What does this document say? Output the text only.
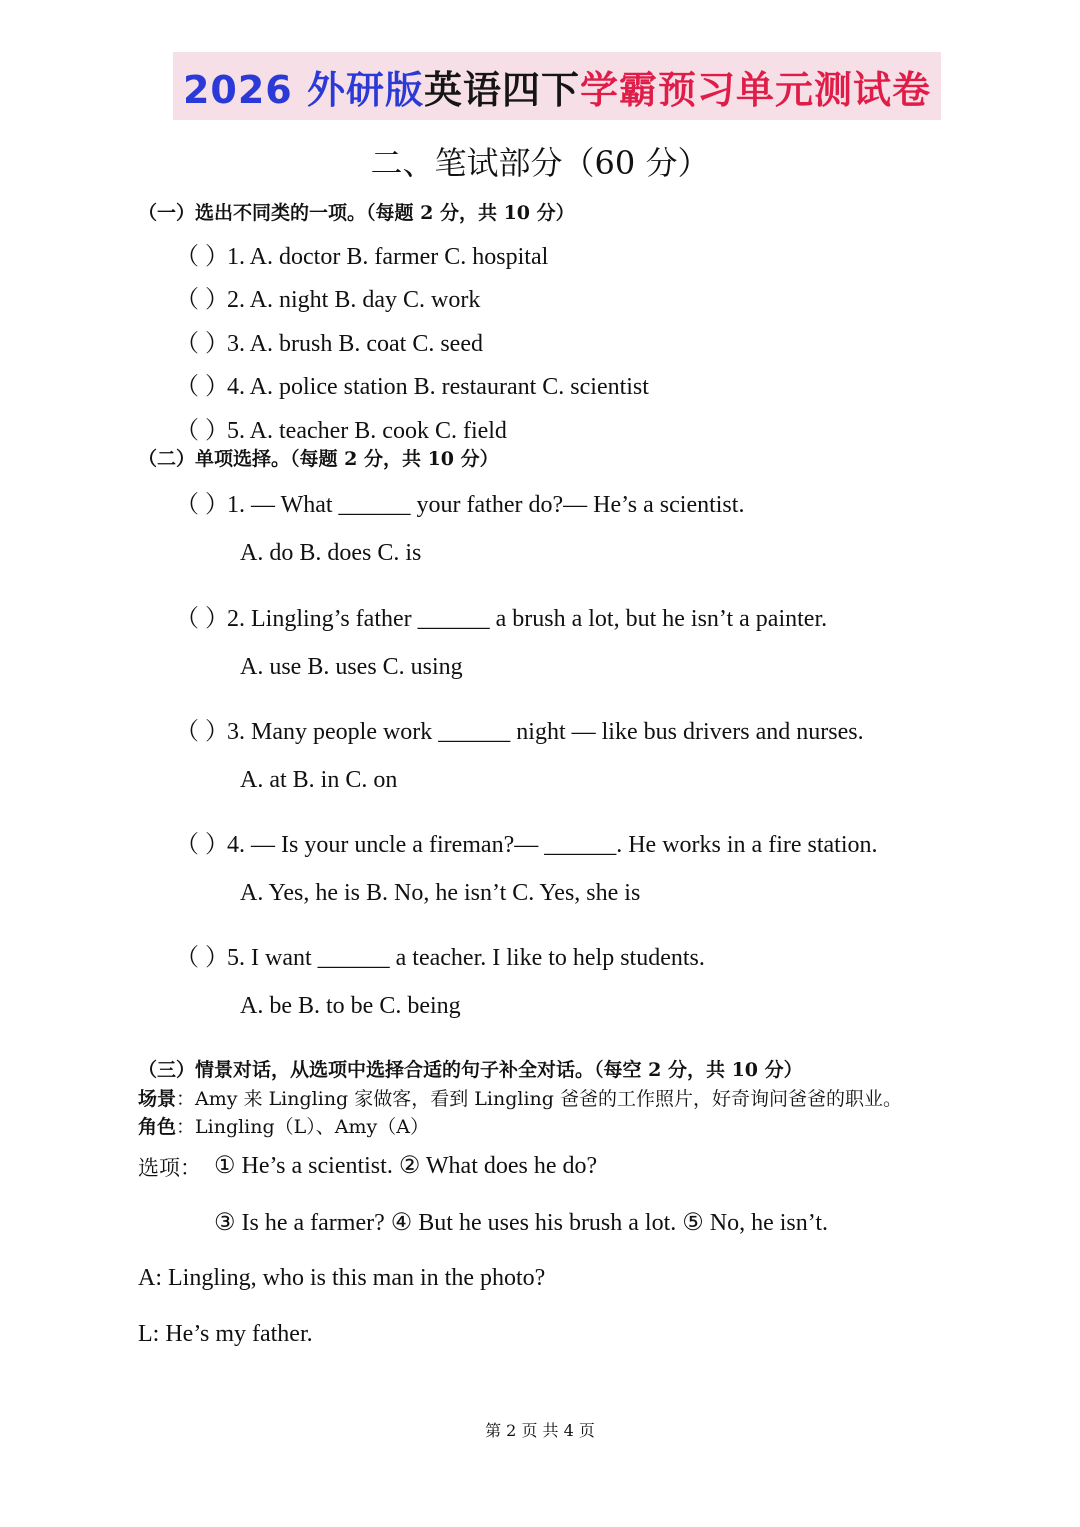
2026 外研版 英语四下 学霸预习单元测试卷
二、笔试部分（60 分）
（一）选出不同类的一项。（每题 2 分，共 10 分）
（ ）1. A. doctor B. farmer C. hospital
（ ）2. A. night B. day C. work
（ ）3. A. brush B. coat C. seed
（ ）4. A. police station B. restaurant C. scientist
（ ）5. A. teacher B. cook C. field
（二）单项选择。（每题 2 分，共 10 分）
（ ）1. — What ______ your father do?— He’s a scientist.
A. do B. does C. is
（ ）2. Lingling’s father ______ a brush a lot, but he isn’t a painter.
A. use B. uses C. using
（ ）3. Many people work ______ night — like bus drivers and nurses.
A. at B. in C. on
（ ）4. — Is your uncle a fireman?— ______. He works in a fire station.
A. Yes, he is B. No, he isn’t C. Yes, she is
（ ）5. I want ______ a teacher. I like to help students.
A. be B. to be C. being
（三）情景对话，从选项中选择合适的句子补全对话。（每空 2 分，共 10 分）
场景：Amy 来 Lingling 家做客，看到 Lingling 爸爸的工作照片，好奇询问爸爸的职业。
角色：Lingling（L）、Amy（A）
选项： ① He’s a scientist. ② What does he do?
③ Is he a farmer? ④ But he uses his brush a lot. ⑤ No, he isn’t.
A: Lingling, who is this man in the photo?
L: He’s my father.
第 2 页 共 4 页
